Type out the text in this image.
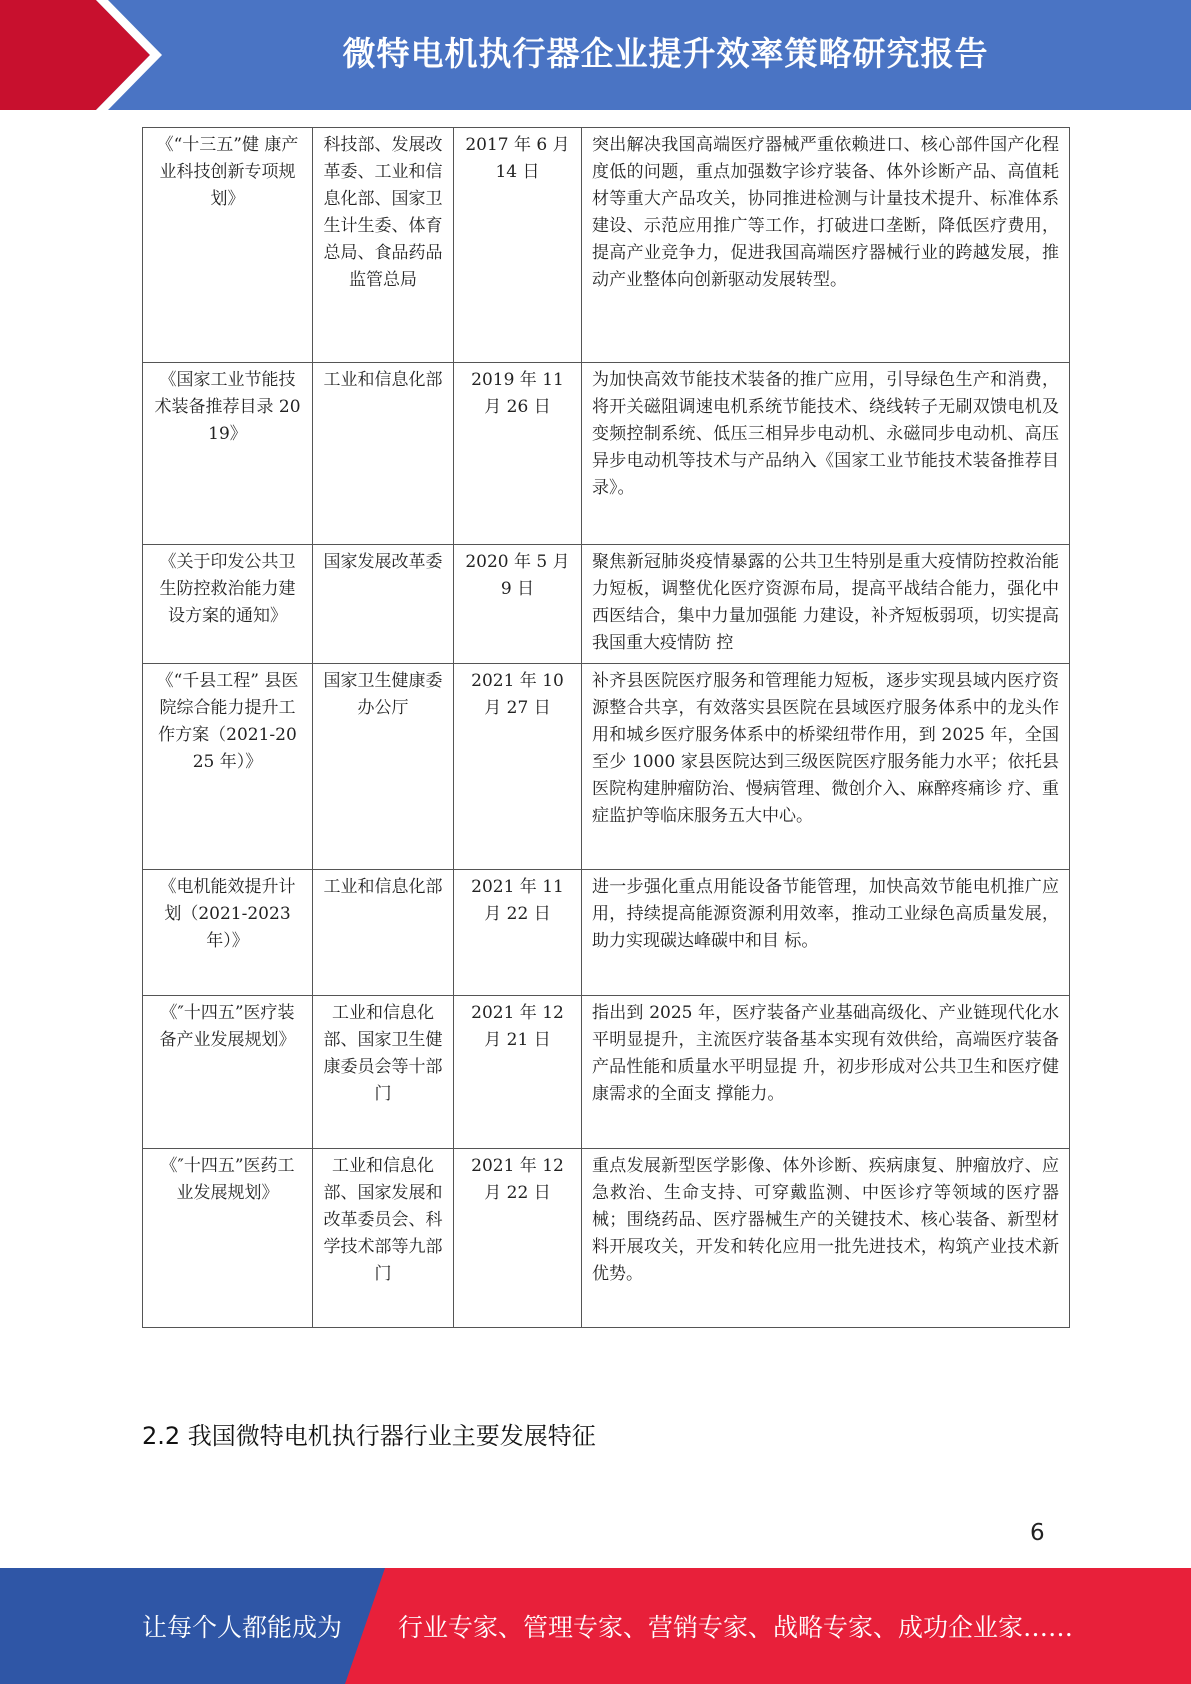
微特电机执行器企业提升效率策略研究报告
《“十三五”健 康产业科技创新专项规划》	科技部、发展改革委、工业和信息化部、国家卫生计生委、体育总局、食品药品监管总局	2017 年 6 月 14 日	突出解决我国高端医疗器械严重依赖进口、核心部件国产化程度低的问题，重点加强数字诊疗装备、体外诊断产品、高值耗材等重大产品攻关，协同推进检测与计量技术提升、标准体系建设、示范应用推广等工作，打破进口垄断，降低医疗费用，提高产业竞争力，促进我国高端医疗器械行业的跨越发展，推动产业整体向创新驱动发展转型。
《国家工业节能技术装备推荐目录 2019》	工业和信息化部	2019 年 11 月 26 日	为加快高效节能技术装备的推广应用，引导绿色生产和消费，将开关磁阻调速电机系统节能技术、绕线转子无刷双馈电机及变频控制系统、低压三相异步电动机、永磁同步电动机、高压异步电动机等技术与产品纳入《国家工业节能技术装备推荐目 录》。
《关于印发公共卫生防控救治能力建设方案的通知》	国家发展改革委	2020 年 5 月 9 日	聚焦新冠肺炎疫情暴露的公共卫生特别是重大疫情防控救治能力短板，调整优化医疗资源布局，提高平战结合能力，强化中西医结合，集中力量加强能 力建设，补齐短板弱项，切实提高我国重大疫情防 控
《“千县工程” 县医院综合能力提升工作方案（2021-2025 年）》	国家卫生健康委办公厅	2021 年 10 月 27 日	补齐县医院医疗服务和管理能力短板，逐步实现县域内医疗资源整合共享，有效落实县医院在县域医疗服务体系中的龙头作用和城乡医疗服务体系中的桥梁纽带作用，到 2025 年，全国至少 1000 家县医院达到三级医院医疗服务能力水平；依托县医院构建肿瘤防治、慢病管理、微创介入、麻醉疼痛诊 疗、重症监护等临床服务五大中心。
《电机能效提升计划（2021-2023 年）》	工业和信息化部	2021 年 11 月 22 日	进一步强化重点用能设备节能管理，加快高效节能电机推广应用，持续提高能源资源利用效率，推动工业绿色高质量发展，助力实现碳达峰碳中和目 标。
《″十四五”医疗装备产业发展规划》	工业和信息化部、国家卫生健康委员会等十部门	2021 年 12 月 21 日	指出到 2025 年，医疗装备产业基础高级化、产业链现代化水平明显提升，主流医疗装备基本实现有效供给，高端医疗装备产品性能和质量水平明显提 升，初步形成对公共卫生和医疗健康需求的全面支 撑能力。
《″十四五”医药工业发展规划》	工业和信息化部、国家发展和改革委员会、科学技术部等九部门	2021 年 12 月 22 日	重点发展新型医学影像、体外诊断、疾病康复、肿瘤放疗、应急救治、生命支持、可穿戴监测、中医诊疗等领域的医疗器械；围绕药品、医疗器械生产的关键技术、核心装备、新型材料开展攻关，开发和转化应用一批先进技术，构筑产业技术新优势。
2.2 我国微特电机执行器行业主要发展特征
6
让每个人都能成为 行业专家、管理专家、营销专家、战略专家、成功企业家……
